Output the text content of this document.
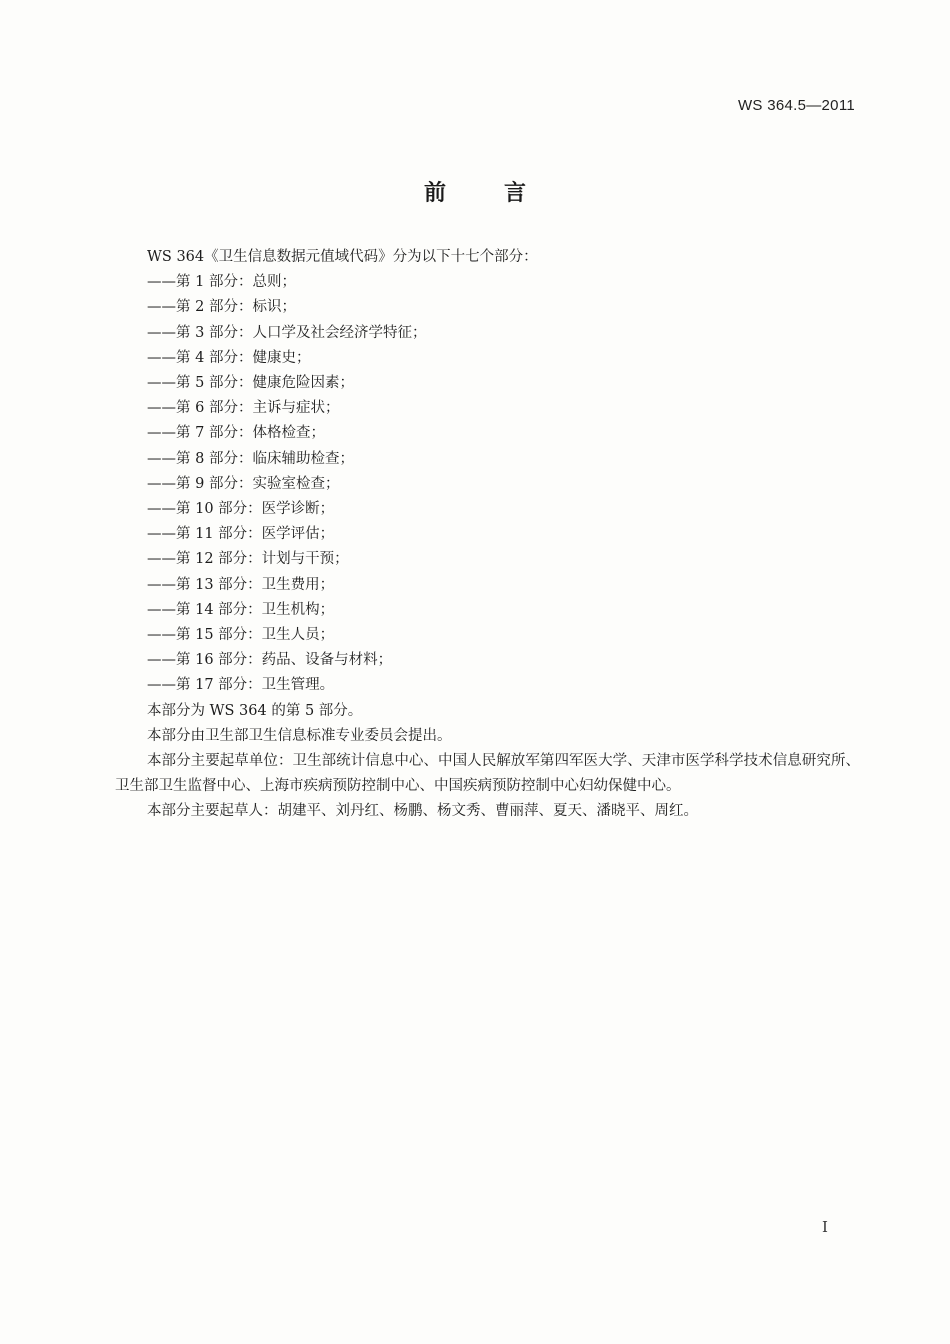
WS 364.5—2011
前言

WS 364《卫生信息数据元值域代码》分为以下十七个部分：

——第 1 部分：总则；
——第 2 部分：标识；
——第 3 部分：人口学及社会经济学特征；
——第 4 部分：健康史；
——第 5 部分：健康危险因素；
——第 6 部分：主诉与症状；
——第 7 部分：体格检查；
——第 8 部分：临床辅助检查；
——第 9 部分：实验室检查；
——第 10 部分：医学诊断；
——第 11 部分：医学评估；
——第 12 部分：计划与干预；
——第 13 部分：卫生费用；
——第 14 部分：卫生机构；
——第 15 部分：卫生人员；
——第 16 部分：药品、设备与材料；
——第 17 部分：卫生管理。

本部分为 WS 364 的第 5 部分。

本部分由卫生部卫生信息标准专业委员会提出。

本部分主要起草单位：卫生部统计信息中心、中国人民解放军第四军医大学、天津市医学科学技术信息研究所、卫生部卫生监督中心、上海市疾病预防控制中心、中国疾病预防控制中心妇幼保健中心。

本部分主要起草人：胡建平、刘丹红、杨鹏、杨文秀、曹丽萍、夏天、潘晓平、周红。

I
